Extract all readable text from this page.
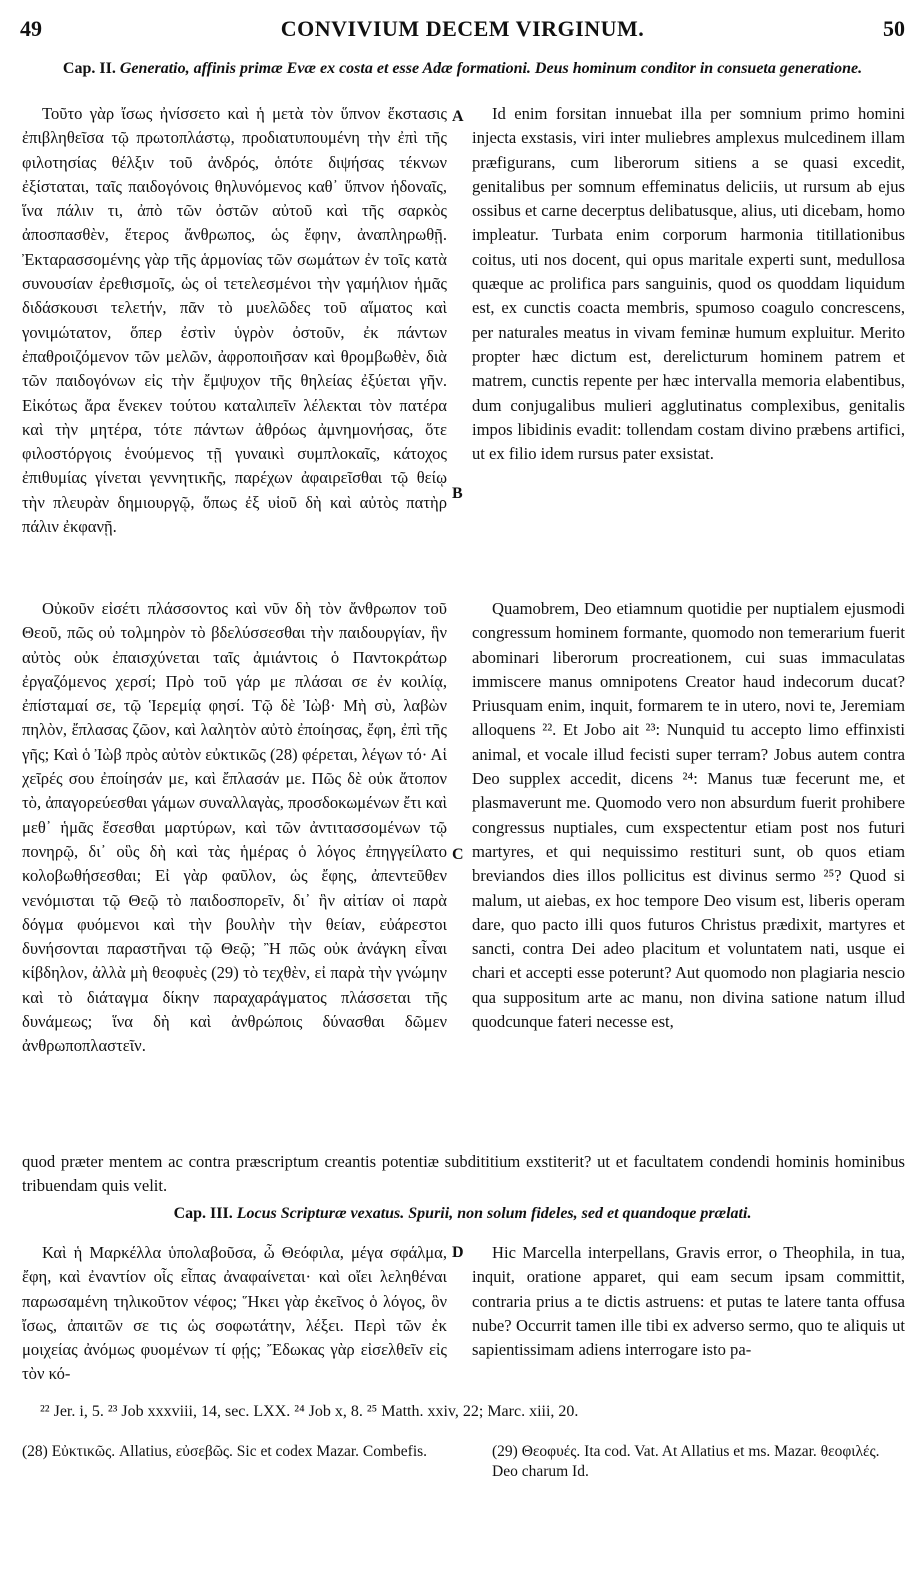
49	CONVIVIUM DECEM VIRGINUM.	50
Cap. II. Generatio, affinis primæ Evæ ex costa et esse Adæ formationi. Deus hominum conditor in consueta generatione.

Τοῦτο γὰρ ἴσως ἠνίσσετο καὶ ἡ μετὰ τὸν ὕπνον ἔκστασις ἐπιβληθεῖσα τῷ πρωτοπλάστῳ, προδιατυπουμένη τὴν ἐπὶ τῆς φιλοτησίας θέλξιν τοῦ ἀνδρός, ὁπότε διψήσας τέκνων ἐξίσταται, ταῖς παιδογόνοις θηλυνόμενος καθ᾽ ὕπνον ἡδοναῖς, ἵνα πάλιν τι, ἀπὸ τῶν ὀστῶν αὐτοῦ καὶ τῆς σαρκὸς ἀποσπασθὲν, ἕτερος ἄνθρωπος, ὡς ἔφην, ἀναπληρωθῇ. Ἐκταρασσομένης γὰρ τῆς ἁρμονίας τῶν σωμάτων ἐν τοῖς κατὰ συνουσίαν ἐρεθισμοῖς, ὡς οἱ τετελεσμένοι τὴν γαμήλιον ἡμᾶς διδάσκουσι τελετήν, πᾶν τὸ μυελῶδες τοῦ αἵματος καὶ γονιμώτατον, ὅπερ ἐστὶν ὑγρὸν ὀστοῦν, ἐκ πάντων ἐπαθροιζόμενον τῶν μελῶν, ἀφροποιῆσαν καὶ θρομβωθὲν, διὰ τῶν παιδογόνων εἰς τὴν ἔμψυχον τῆς θηλείας ἐξύεται γῆν. Εἰκότως ἄρα ἕνεκεν τούτου καταλιπεῖν λέλεκται τὸν πατέρα καὶ τὴν μητέρα, τότε πάντων ἀθρόως ἀμνημονήσας, ὅτε φιλοστόργοις ἑνούμενος τῇ γυναικὶ συμπλοκαῖς, κάτοχος ἐπιθυμίας γίνεται γεννητικῆς, παρέχων ἀφαιρεῖσθαι τῷ θείῳ τὴν πλευρὰν δημιουργῷ, ὅπως ἐξ υἱοῦ δὴ καὶ αὐτὸς πατὴρ πάλιν ἐκφανῇ.

Id enim forsitan innuebat illa per somnium primo homini injecta exstasis, viri inter muliebres amplexus mulcedinem illam præfigurans, cum liberorum sitiens a se quasi excedit, genitalibus per somnum effeminatus deliciis, ut rursum ab ejus ossibus et carne decerptus delibatusque, alius, uti dicebam, homo impleatur. Turbata enim corporum harmonia titillationibus coitus, uti nos docent, qui opus maritale experti sunt, medullosa quæque ac prolifica pars sanguinis, quod os quoddam liquidum est, ex cunctis coacta membris, spumoso coagulo concrescens, per naturales meatus in vivam feminæ humum expluitur. Merito propter hæc dictum est, derelicturum hominem patrem et matrem, cunctis repente per hæc intervalla memoria elabentibus, dum conjugalibus mulieri agglutinatus complexibus, genitalis impos libidinis evadit: tollendam costam divino præbens artifici, ut ex filio idem rursus pater exsistat.

A
B

Οὐκοῦν εἰσέτι πλάσσοντος καὶ νῦν δὴ τὸν ἄνθρωπον τοῦ Θεοῦ, πῶς οὐ τολμηρὸν τὸ βδελύσσεσθαι τὴν παιδουργίαν, ἣν αὐτὸς οὐκ ἐπαισχύνεται ταῖς ἀμιάντοις ὁ Παντοκράτωρ ἐργαζόμενος χερσί; Πρὸ τοῦ γάρ με πλάσαι σε ἐν κοιλίᾳ, ἐπίσταμαί σε, τῷ Ἱερεμίᾳ φησί. Τῷ δὲ Ἰὼβ· Μὴ σὺ, λαβὼν πηλὸν, ἔπλασας ζῶον, καὶ λαλητὸν αὐτὸ ἐποίησας, ἔφη, ἐπὶ τῆς γῆς; Καὶ ὁ Ἰὼβ πρὸς αὐτὸν εὐκτικῶς (28) φέρεται, λέγων τό· Αἱ χεῖρές σου ἐποίησάν με, καὶ ἔπλασάν με. Πῶς δὲ οὐκ ἄτοπον τὸ, ἀπαγορεύεσθαι γάμων συναλλαγὰς, προσδοκωμένων ἔτι καὶ μεθ᾽ ἡμᾶς ἔσεσθαι μαρτύρων, καὶ τῶν ἀντιτασσομένων τῷ πονηρῷ, δι᾽ οὓς δὴ καὶ τὰς ἡμέρας ὁ λόγος ἐπηγγείλατο κολοβωθήσεσθαι; Εἰ γὰρ φαῦλον, ὡς ἔφης, ἀπεντεῦθεν νενόμισται τῷ Θεῷ τὸ παιδοσπορεῖν, δι᾽ ἣν αἰτίαν οἱ παρὰ δόγμα φυόμενοι καὶ τὴν βουλὴν τὴν θείαν, εὐάρεστοι δυνήσονται παραστῆναι τῷ Θεῷ; Ἢ πῶς οὐκ ἀνάγκη εἶναι κίβδηλον, ἀλλὰ μὴ θεοφυὲς (29) τὸ τεχθὲν, εἰ παρὰ τὴν γνώμην καὶ τὸ διάταγμα δίκην παραχαράγματος πλάσσεται τῆς δυνάμεως; ἵνα δὴ καὶ ἀνθρώποις δύνασθαι δῶμεν ἀνθρωποπλαστεῖν.

Quamobrem, Deo etiamnum quotidie per nuptialem ejusmodi congressum hominem formante, quomodo non temerarium fuerit abominari liberorum procreationem, cui suas immaculatas immiscere manus omnipotens Creator haud indecorum ducat? Priusquam enim, inquit, formarem te in utero, novi te, Jeremiam alloquens ²². Et Jobo ait ²³: Nunquid tu accepto limo effinxisti animal, et vocale illud fecisti super terram? Jobus autem contra Deo supplex accedit, dicens ²⁴: Manus tuæ fecerunt me, et plasmaverunt me. Quomodo vero non absurdum fuerit prohibere congressus nuptiales, cum exspectentur etiam post nos futuri martyres, et qui nequissimo restituri sunt, ob quos etiam breviandos dies illos pollicitus est divinus sermo ²⁵? Quod si malum, ut aiebas, ex hoc tempore Deo visum est, liberis operam dare, quo pacto illi quos futuros Christus prædixit, martyres et sancti, contra Dei adeo placitum et voluntatem nati, usque ei chari et accepti esse poterunt? Aut quomodo non plagiaria nescio qua suppositum arte ac manu, non divina satione natum illud quodcunque fateri necesse est,

C

quod præter mentem ac contra præscriptum creantis potentiæ subdititium exstiterit? ut et facultatem condendi hominis hominibus tribuendam quis velit.

Cap. III. Locus Scripturæ vexatus. Spurii, non solum fideles, sed et quandoque prælati.

Καὶ ἡ Μαρκέλλα ὑπολαβοῦσα, ὦ Θεόφιλα, μέγα σφάλμα, ἔφη, καὶ ἐναντίον οἷς εἶπας ἀναφαίνεται· καὶ οἴει λεληθέναι παρωσαμένη τηλικοῦτον νέφος; Ἥκει γὰρ ἐκεῖνος ὁ λόγος, ὃν ἴσως, ἀπαιτῶν σε τις ὡς σοφωτάτην, λέξει. Περὶ τῶν ἐκ μοιχείας ἀνόμως φυομένων τί φῄς; Ἔδωκας γὰρ εἰσελθεῖν εἰς τὸν κό-

Hic Marcella interpellans, Gravis error, o Theophila, in tua, inquit, oratione apparet, qui eam secum ipsam committit, contraria prius a te dictis astruens: et putas te latere tanta offusa nube? Occurrit tamen ille tibi ex adverso sermo, quo te aliquis ut sapientissimam adiens interrogare isto pa-

D
²² Jer. i, 5. ²³ Job xxxviii, 14, sec. LXX. ²⁴ Job x, 8. ²⁵ Matth. xxiv, 22; Marc. xiii, 20.
(28) Εὐκτικῶς. Allatius, εὐσεβῶς. Sic et codex Mazar. Combefis.	(29) Θεοφυές. Ita cod. Vat. At Allatius et ms. Mazar. θεοφιλές. Deo charum Id.
